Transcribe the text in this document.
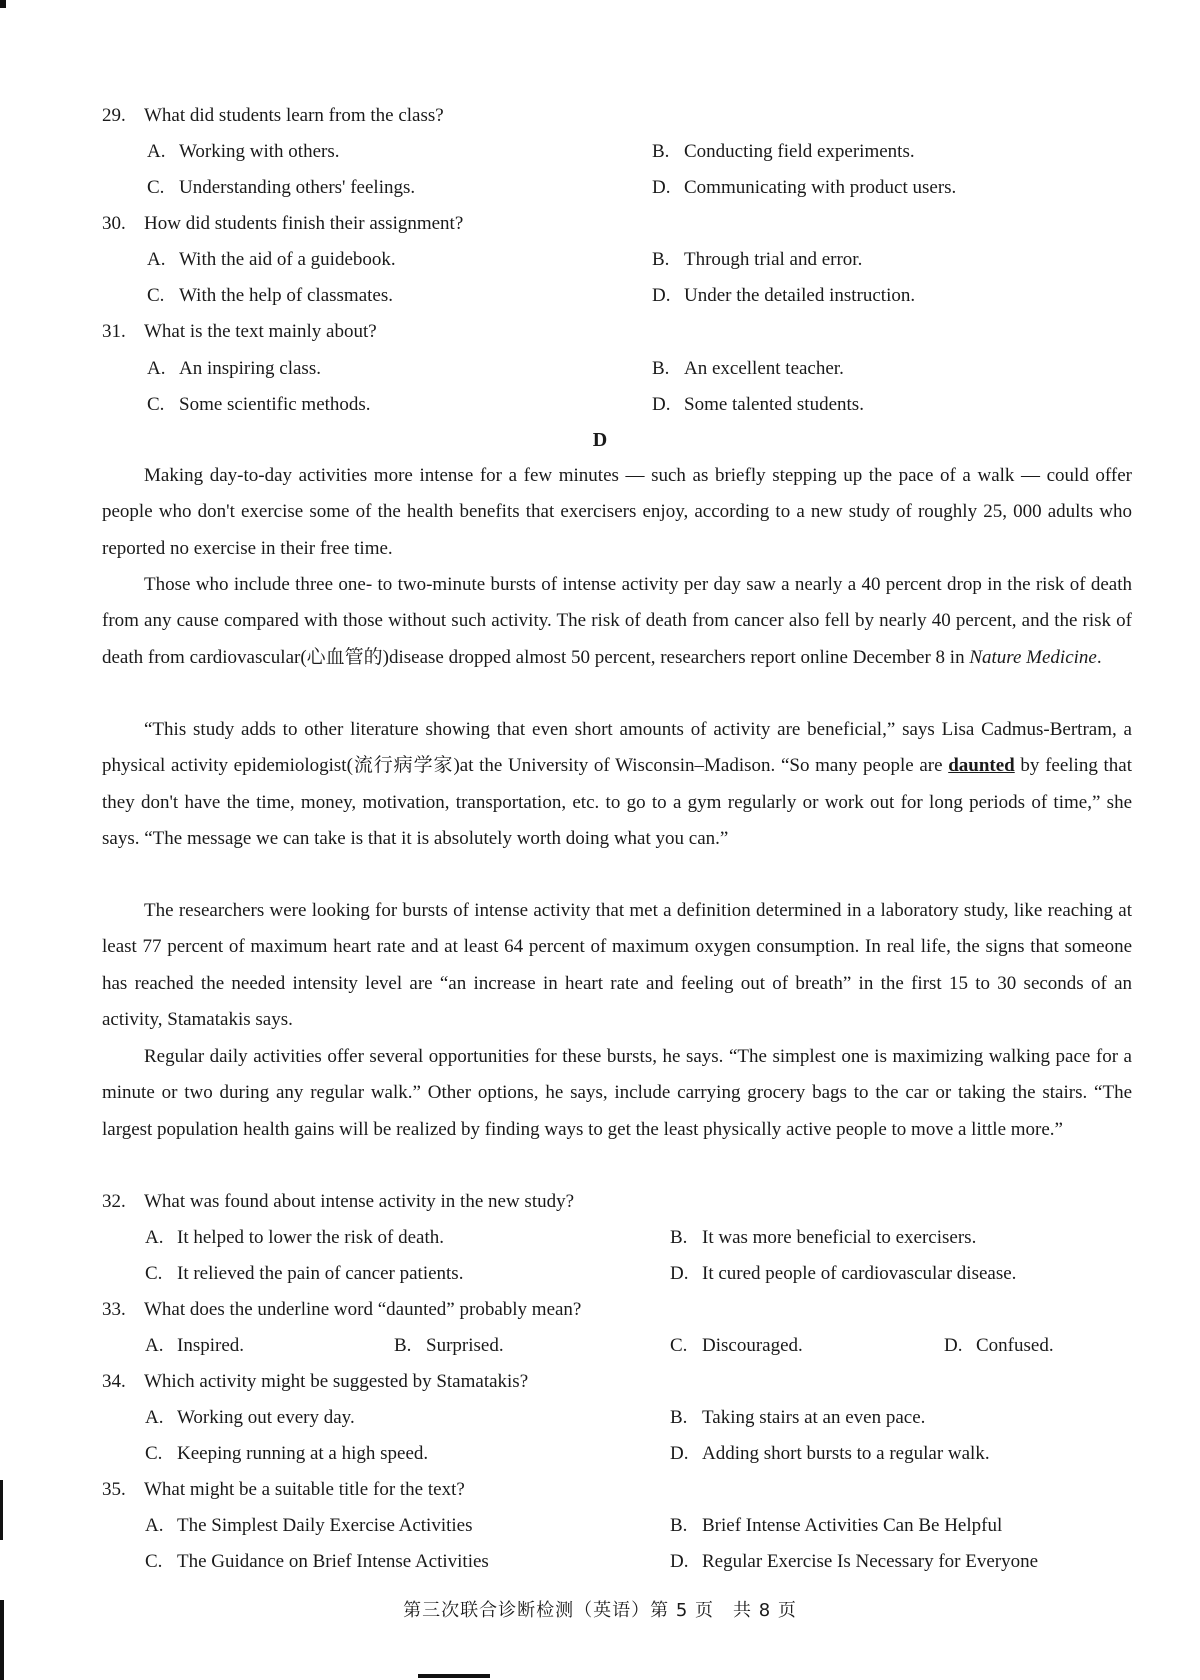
29. What did students learn from the class?
A. Working with others.	B. Conducting field experiments.
C. Understanding others' feelings.	D. Communicating with product users.
30. How did students finish their assignment?
A. With the aid of a guidebook.	B. Through trial and error.
C. With the help of classmates.	D. Under the detailed instruction.
31. What is the text mainly about?
A. An inspiring class.	B. An excellent teacher.
C. Some scientific methods.	D. Some talented students.
D

Making day-to-day activities more intense for a few minutes — such as briefly stepping up the pace of a walk — could offer people who don't exercise some of the health benefits that exercisers enjoy, according to a new study of roughly 25, 000 adults who reported no exercise in their free time.

Those who include three one- to two-minute bursts of intense activity per day saw a nearly a 40 percent drop in the risk of death from any cause compared with those without such activity. The risk of death from cancer also fell by nearly 40 percent, and the risk of death from cardiovascular(心血管的)disease dropped almost 50 percent, researchers report online December 8 in Nature Medicine.

“This study adds to other literature showing that even short amounts of activity are beneficial,” says Lisa Cadmus-Bertram, a physical activity epidemiologist(流行病学家)at the University of Wisconsin–Madison. “So many people are daunted by feeling that they don't have the time, money, motivation, transportation, etc. to go to a gym regularly or work out for long periods of time,” she says. “The message we can take is that it is absolutely worth doing what you can.”

The researchers were looking for bursts of intense activity that met a definition determined in a laboratory study, like reaching at least 77 percent of maximum heart rate and at least 64 percent of maximum oxygen consumption. In real life, the signs that someone has reached the needed intensity level are “an increase in heart rate and feeling out of breath” in the first 15 to 30 seconds of an activity, Stamatakis says.

Regular daily activities offer several opportunities for these bursts, he says. “The simplest one is maximizing walking pace for a minute or two during any regular walk.” Other options, he says, include carrying grocery bags to the car or taking the stairs. “The largest population health gains will be realized by finding ways to get the least physically active people to move a little more.”

32. What was found about intense activity in the new study?
A. It helped to lower the risk of death.	B. It was more beneficial to exercisers.
C. It relieved the pain of cancer patients.	D. It cured people of cardiovascular disease.
33. What does the underline word “daunted” probably mean?
A. Inspired.	B. Surprised.	C. Discouraged.	D. Confused.
34. Which activity might be suggested by Stamatakis?
A. Working out every day.	B. Taking stairs at an even pace.
C. Keeping running at a high speed.	D. Adding short bursts to a regular walk.
35. What might be a suitable title for the text?
A. The Simplest Daily Exercise Activities	B. Brief Intense Activities Can Be Helpful
C. The Guidance on Brief Intense Activities	D. Regular Exercise Is Necessary for Everyone
第三次联合诊断检测（英语）第 5 页　共 8 页
